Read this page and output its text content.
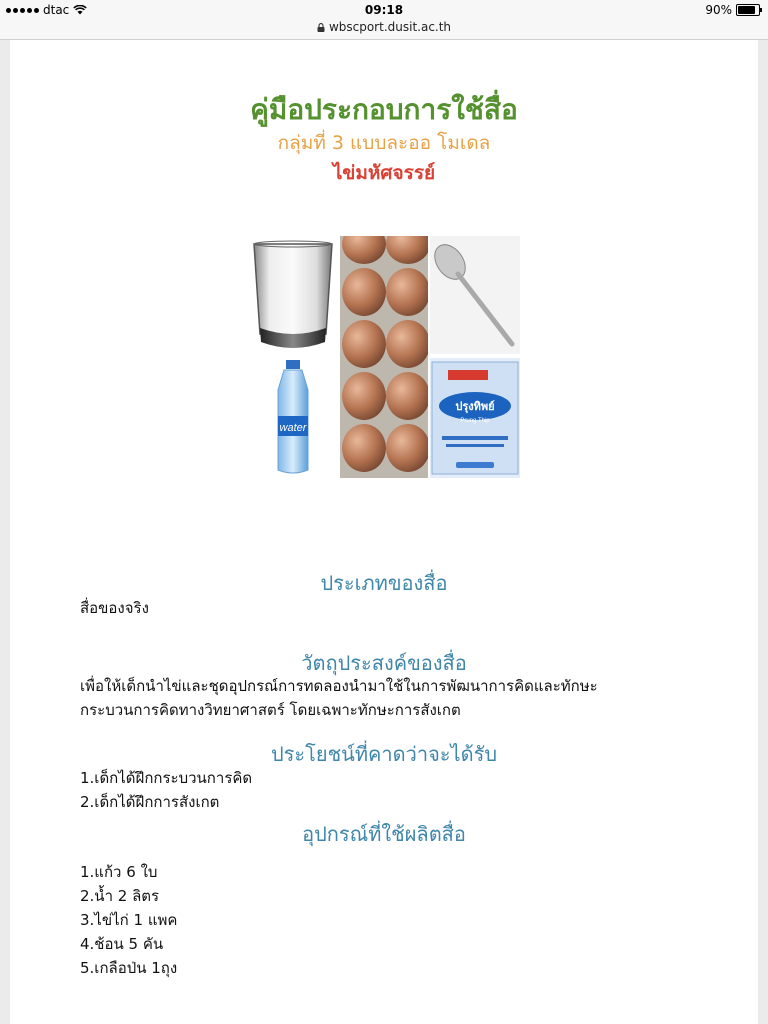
dtac	09:18	90%
wbscport.dusit.ac.th
คู่มือประกอบการใช้สื่อ
กลุ่มที่ 3 แบบละออ โมเดล
ไข่มหัศจรรย์
water
ปรุงทิพย์
Prung Thip
ประเภทของสื่อ
สื่อของจริง
วัตถุประสงค์ของสื่อ
เพื่อให้เด็กนำไข่และชุดอุปกรณ์การทดลองนำมาใช้ในการพัฒนาการคิดและทักษะ
กระบวนการคิดทางวิทยาศาสตร์ โดยเฉพาะทักษะการสังเกต
ประโยชน์ที่คาดว่าจะได้รับ
1.เด็กได้ฝึกกระบวนการคิด
2.เด็กได้ฝึกการสังเกต
อุปกรณ์ที่ใช้ผลิตสื่อ
1.แก้ว 6 ใบ
2.น้ำ 2 ลิตร
3.ไข่ไก่ 1 แพค
4.ช้อน 5 คัน
5.เกลือป่น 1ถุง
